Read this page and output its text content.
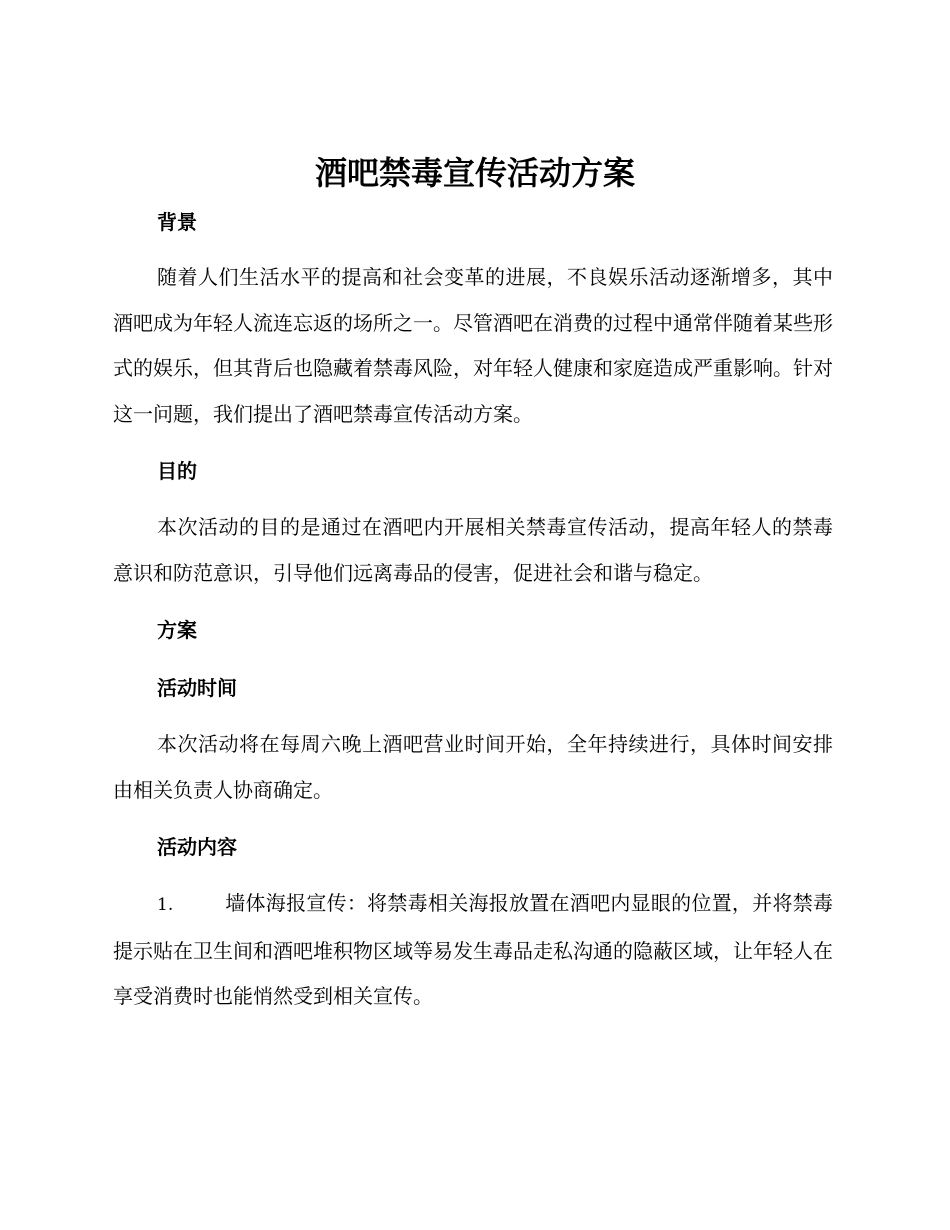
酒吧禁毒宣传活动方案
背景

随着人们生活水平的提高和社会变革的进展，不良娱乐活动逐渐增多，其中酒吧成为年轻人流连忘返的场所之一。尽管酒吧在消费的过程中通常伴随着某些形式的娱乐，但其背后也隐藏着禁毒风险，对年轻人健康和家庭造成严重影响。针对这一问题，我们提出了酒吧禁毒宣传活动方案。

目的

本次活动的目的是通过在酒吧内开展相关禁毒宣传活动，提高年轻人的禁毒意识和防范意识，引导他们远离毒品的侵害，促进社会和谐与稳定。

方案
活动时间

本次活动将在每周六晚上酒吧营业时间开始，全年持续进行，具体时间安排由相关负责人协商确定。

活动内容

1.	墙体海报宣传：将禁毒相关海报放置在酒吧内显眼的位置，并将禁毒提示贴在卫生间和酒吧堆积物区域等易发生毒品走私沟通的隐蔽区域，让年轻人在享受消费时也能悄然受到相关宣传。
